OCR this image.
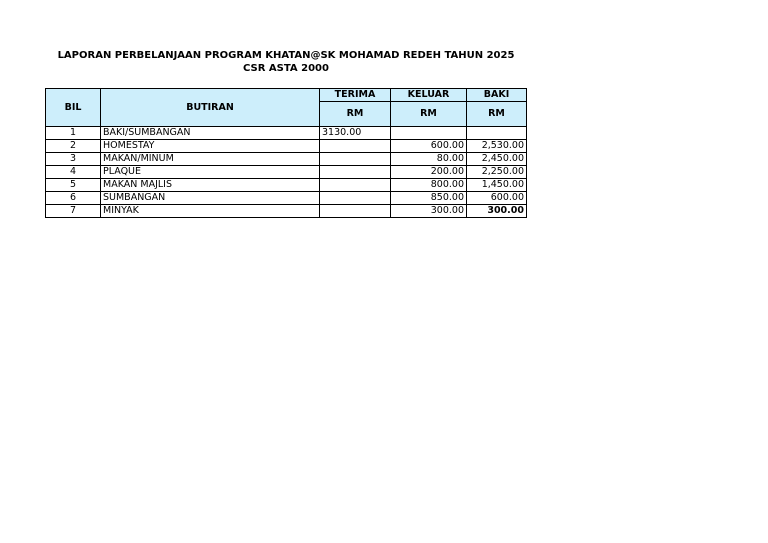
LAPORAN PERBELANJAAN PROGRAM KHATAN@SK MOHAMAD REDEH TAHUN 2025
CSR ASTA 2000
BIL	BUTIRAN	TERIMA	KELUAR	BAKI
		RM	RM	RM
1	BAKI/SUMBANGAN	3130.00		
2	HOMESTAY		600.00	2,530.00
3	MAKAN/MINUM		80.00	2,450.00
4	PLAQUE		200.00	2,250.00
5	MAKAN MAJLIS		800.00	1,450.00
6	SUMBANGAN		850.00	600.00
7	MINYAK		300.00	300.00
